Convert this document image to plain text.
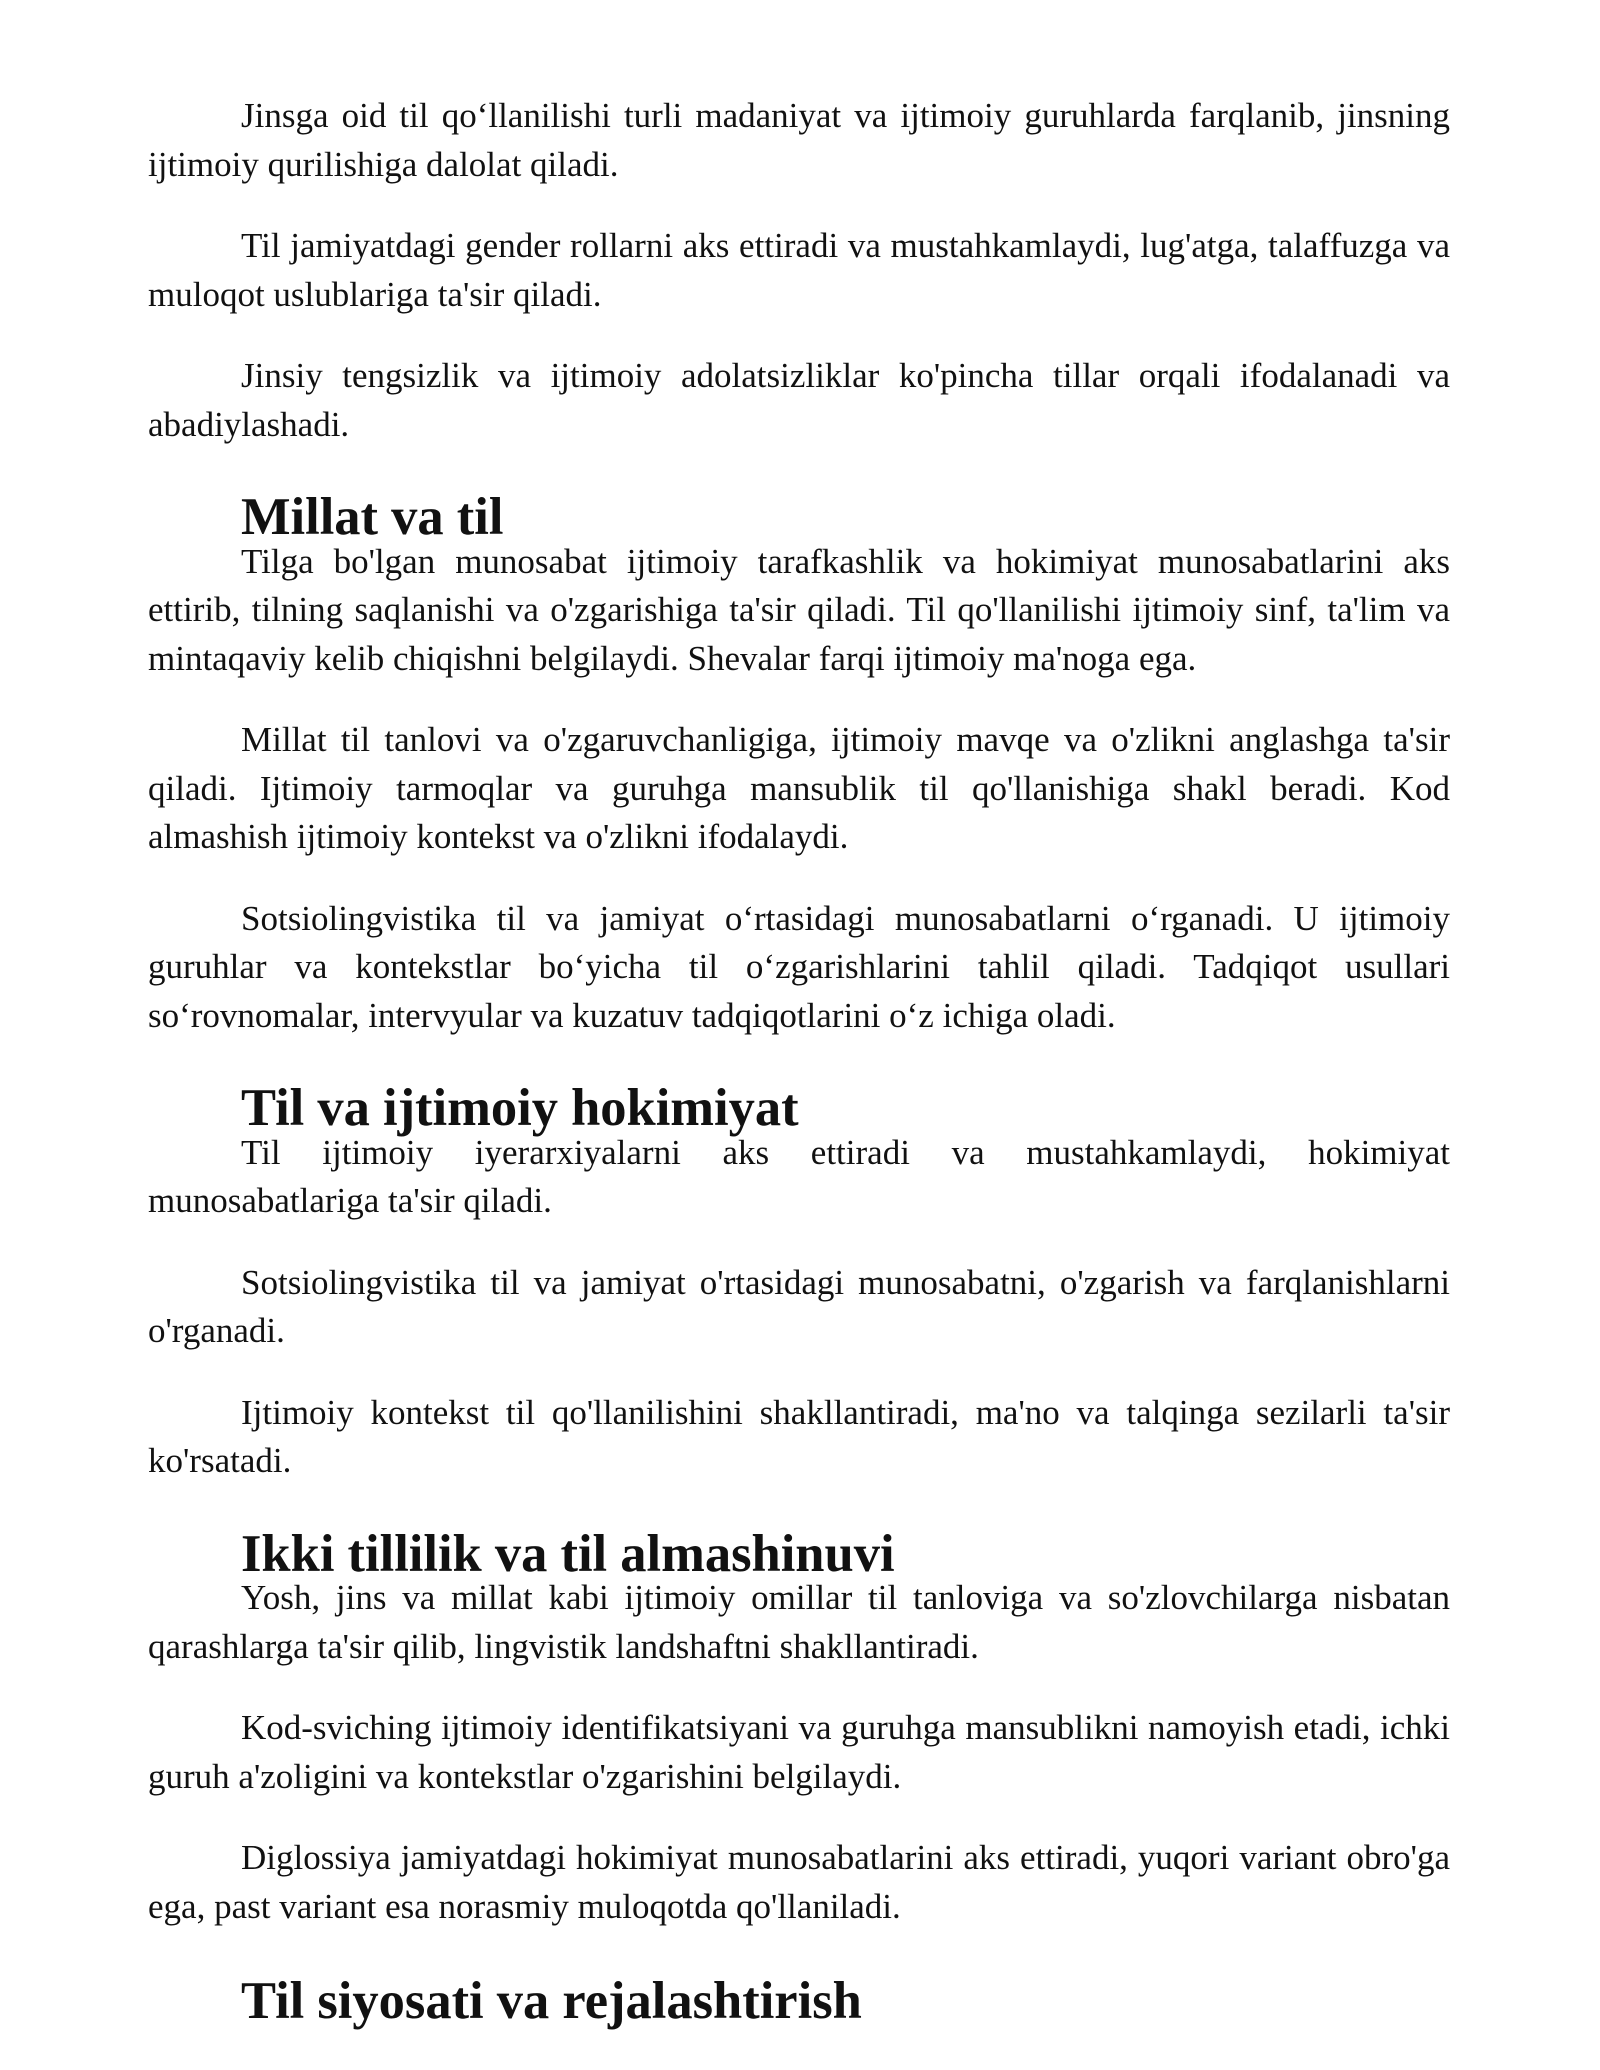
Jinsga oid til qoʻllanilishi turli madaniyat va ijtimoiy guruhlarda farqlanib, jinsning ijtimoiy qurilishiga dalolat qiladi.

Til jamiyatdagi gender rollarni aks ettiradi va mustahkamlaydi, lug'atga, talaffuzga va muloqot uslublariga ta'sir qiladi.

Jinsiy tengsizlik va ijtimoiy adolatsizliklar ko'pincha tillar orqali ifodalanadi va abadiylashadi.

Millat va til

Tilga bo'lgan munosabat ijtimoiy tarafkashlik va hokimiyat munosabatlarini aks ettirib, tilning saqlanishi va o'zgarishiga ta'sir qiladi. Til qo'llanilishi ijtimoiy sinf, ta'lim va mintaqaviy kelib chiqishni belgilaydi. Shevalar farqi ijtimoiy ma'noga ega.

Millat til tanlovi va o'zgaruvchanligiga, ijtimoiy mavqe va o'zlikni anglashga ta'sir qiladi. Ijtimoiy tarmoqlar va guruhga mansublik til qo'llanishiga shakl beradi. Kod almashish ijtimoiy kontekst va o'zlikni ifodalaydi.

Sotsiolingvistika til va jamiyat oʻrtasidagi munosabatlarni oʻrganadi. U ijtimoiy guruhlar va kontekstlar boʻyicha til oʻzgarishlarini tahlil qiladi. Tadqiqot usullari soʻrovnomalar, intervyular va kuzatuv tadqiqotlarini oʻz ichiga oladi.

Til va ijtimoiy hokimiyat

Til ijtimoiy iyerarxiyalarni aks ettiradi va mustahkamlaydi, hokimiyat munosabatlariga ta'sir qiladi.

Sotsiolingvistika til va jamiyat o'rtasidagi munosabatni, o'zgarish va farqlanishlarni o'rganadi.

Ijtimoiy kontekst til qo'llanilishini shakllantiradi, ma'no va talqinga sezilarli ta'sir ko'rsatadi.

Ikki tillilik va til almashinuvi

Yosh, jins va millat kabi ijtimoiy omillar til tanloviga va so'zlovchilarga nisbatan qarashlarga ta'sir qilib, lingvistik landshaftni shakllantiradi.

Kod-sviching ijtimoiy identifikatsiyani va guruhga mansublikni namoyish etadi, ichki guruh a'zoligini va kontekstlar o'zgarishini belgilaydi.

Diglossiya jamiyatdagi hokimiyat munosabatlarini aks ettiradi, yuqori variant obro'ga ega, past variant esa norasmiy muloqotda qo'llaniladi.

Til siyosati va rejalashtirish
